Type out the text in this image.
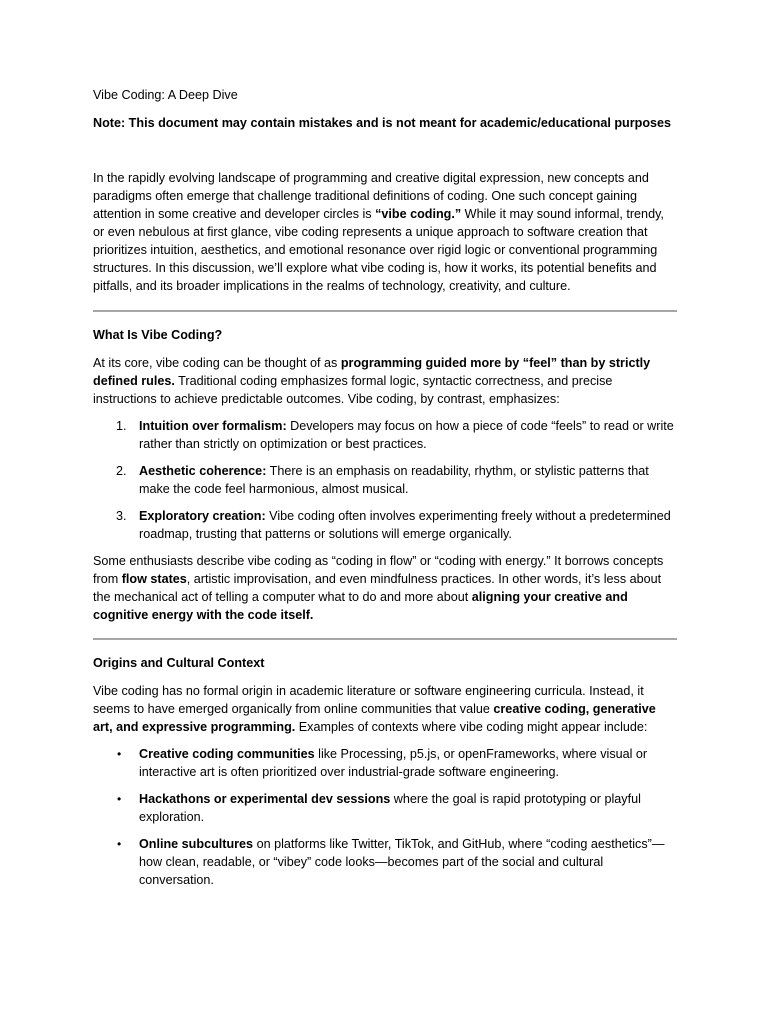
Vibe Coding: A Deep Dive

Note: This document may contain mistakes and is not meant for academic/educational purposes

In the rapidly evolving landscape of programming and creative digital expression, new concepts and paradigms often emerge that challenge traditional definitions of coding. One such concept gaining attention in some creative and developer circles is “vibe coding.” While it may sound informal, trendy, or even nebulous at first glance, vibe coding represents a unique approach to software creation that prioritizes intuition, aesthetics, and emotional resonance over rigid logic or conventional programming structures. In this discussion, we’ll explore what vibe coding is, how it works, its potential benefits and pitfalls, and its broader implications in the realms of technology, creativity, and culture.

What Is Vibe Coding?

At its core, vibe coding can be thought of as programming guided more by “feel” than by strictly defined rules. Traditional coding emphasizes formal logic, syntactic correctness, and precise instructions to achieve predictable outcomes. Vibe coding, by contrast, emphasizes:

1. Intuition over formalism: Developers may focus on how a piece of code “feels” to read or write rather than strictly on optimization or best practices.
2. Aesthetic coherence: There is an emphasis on readability, rhythm, or stylistic patterns that make the code feel harmonious, almost musical.
3. Exploratory creation: Vibe coding often involves experimenting freely without a predetermined roadmap, trusting that patterns or solutions will emerge organically.

Some enthusiasts describe vibe coding as “coding in flow” or “coding with energy.” It borrows concepts from flow states, artistic improvisation, and even mindfulness practices. In other words, it’s less about the mechanical act of telling a computer what to do and more about aligning your creative and cognitive energy with the code itself.

Origins and Cultural Context

Vibe coding has no formal origin in academic literature or software engineering curricula. Instead, it seems to have emerged organically from online communities that value creative coding, generative art, and expressive programming. Examples of contexts where vibe coding might appear include:

• Creative coding communities like Processing, p5.js, or openFrameworks, where visual or interactive art is often prioritized over industrial-grade software engineering.
• Hackathons or experimental dev sessions where the goal is rapid prototyping or playful exploration.
• Online subcultures on platforms like Twitter, TikTok, and GitHub, where “coding aesthetics”—how clean, readable, or “vibey” code looks—becomes part of the social and cultural conversation.
